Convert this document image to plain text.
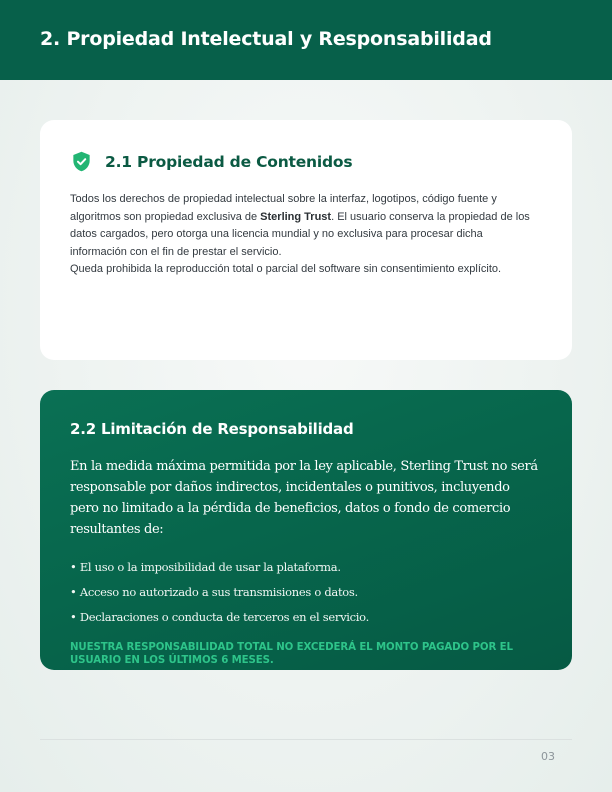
2. Propiedad Intelectual y Responsabilidad
2.1 Propiedad de Contenidos

Todos los derechos de propiedad intelectual sobre la interfaz, logotipos, código fuente y algoritmos son propiedad exclusiva de Sterling Trust. El usuario conserva la propiedad de los datos cargados, pero otorga una licencia mundial y no exclusiva para procesar dicha información con el fin de prestar el servicio.

Queda prohibida la reproducción total o parcial del software sin consentimiento explícito.

2.2 Limitación de Responsabilidad

En la medida máxima permitida por la ley aplicable, Sterling Trust no será responsable por daños indirectos, incidentales o punitivos, incluyendo pero no limitado a la pérdida de beneficios, datos o fondo de comercio resultantes de:

• El uso o la imposibilidad de usar la plataforma.
• Acceso no autorizado a sus transmisiones o datos.
• Declaraciones o conducta de terceros en el servicio.

NUESTRA RESPONSABILIDAD TOTAL NO EXCEDERÁ EL MONTO PAGADO POR EL USUARIO EN LOS ÚLTIMOS 6 MESES.

03
